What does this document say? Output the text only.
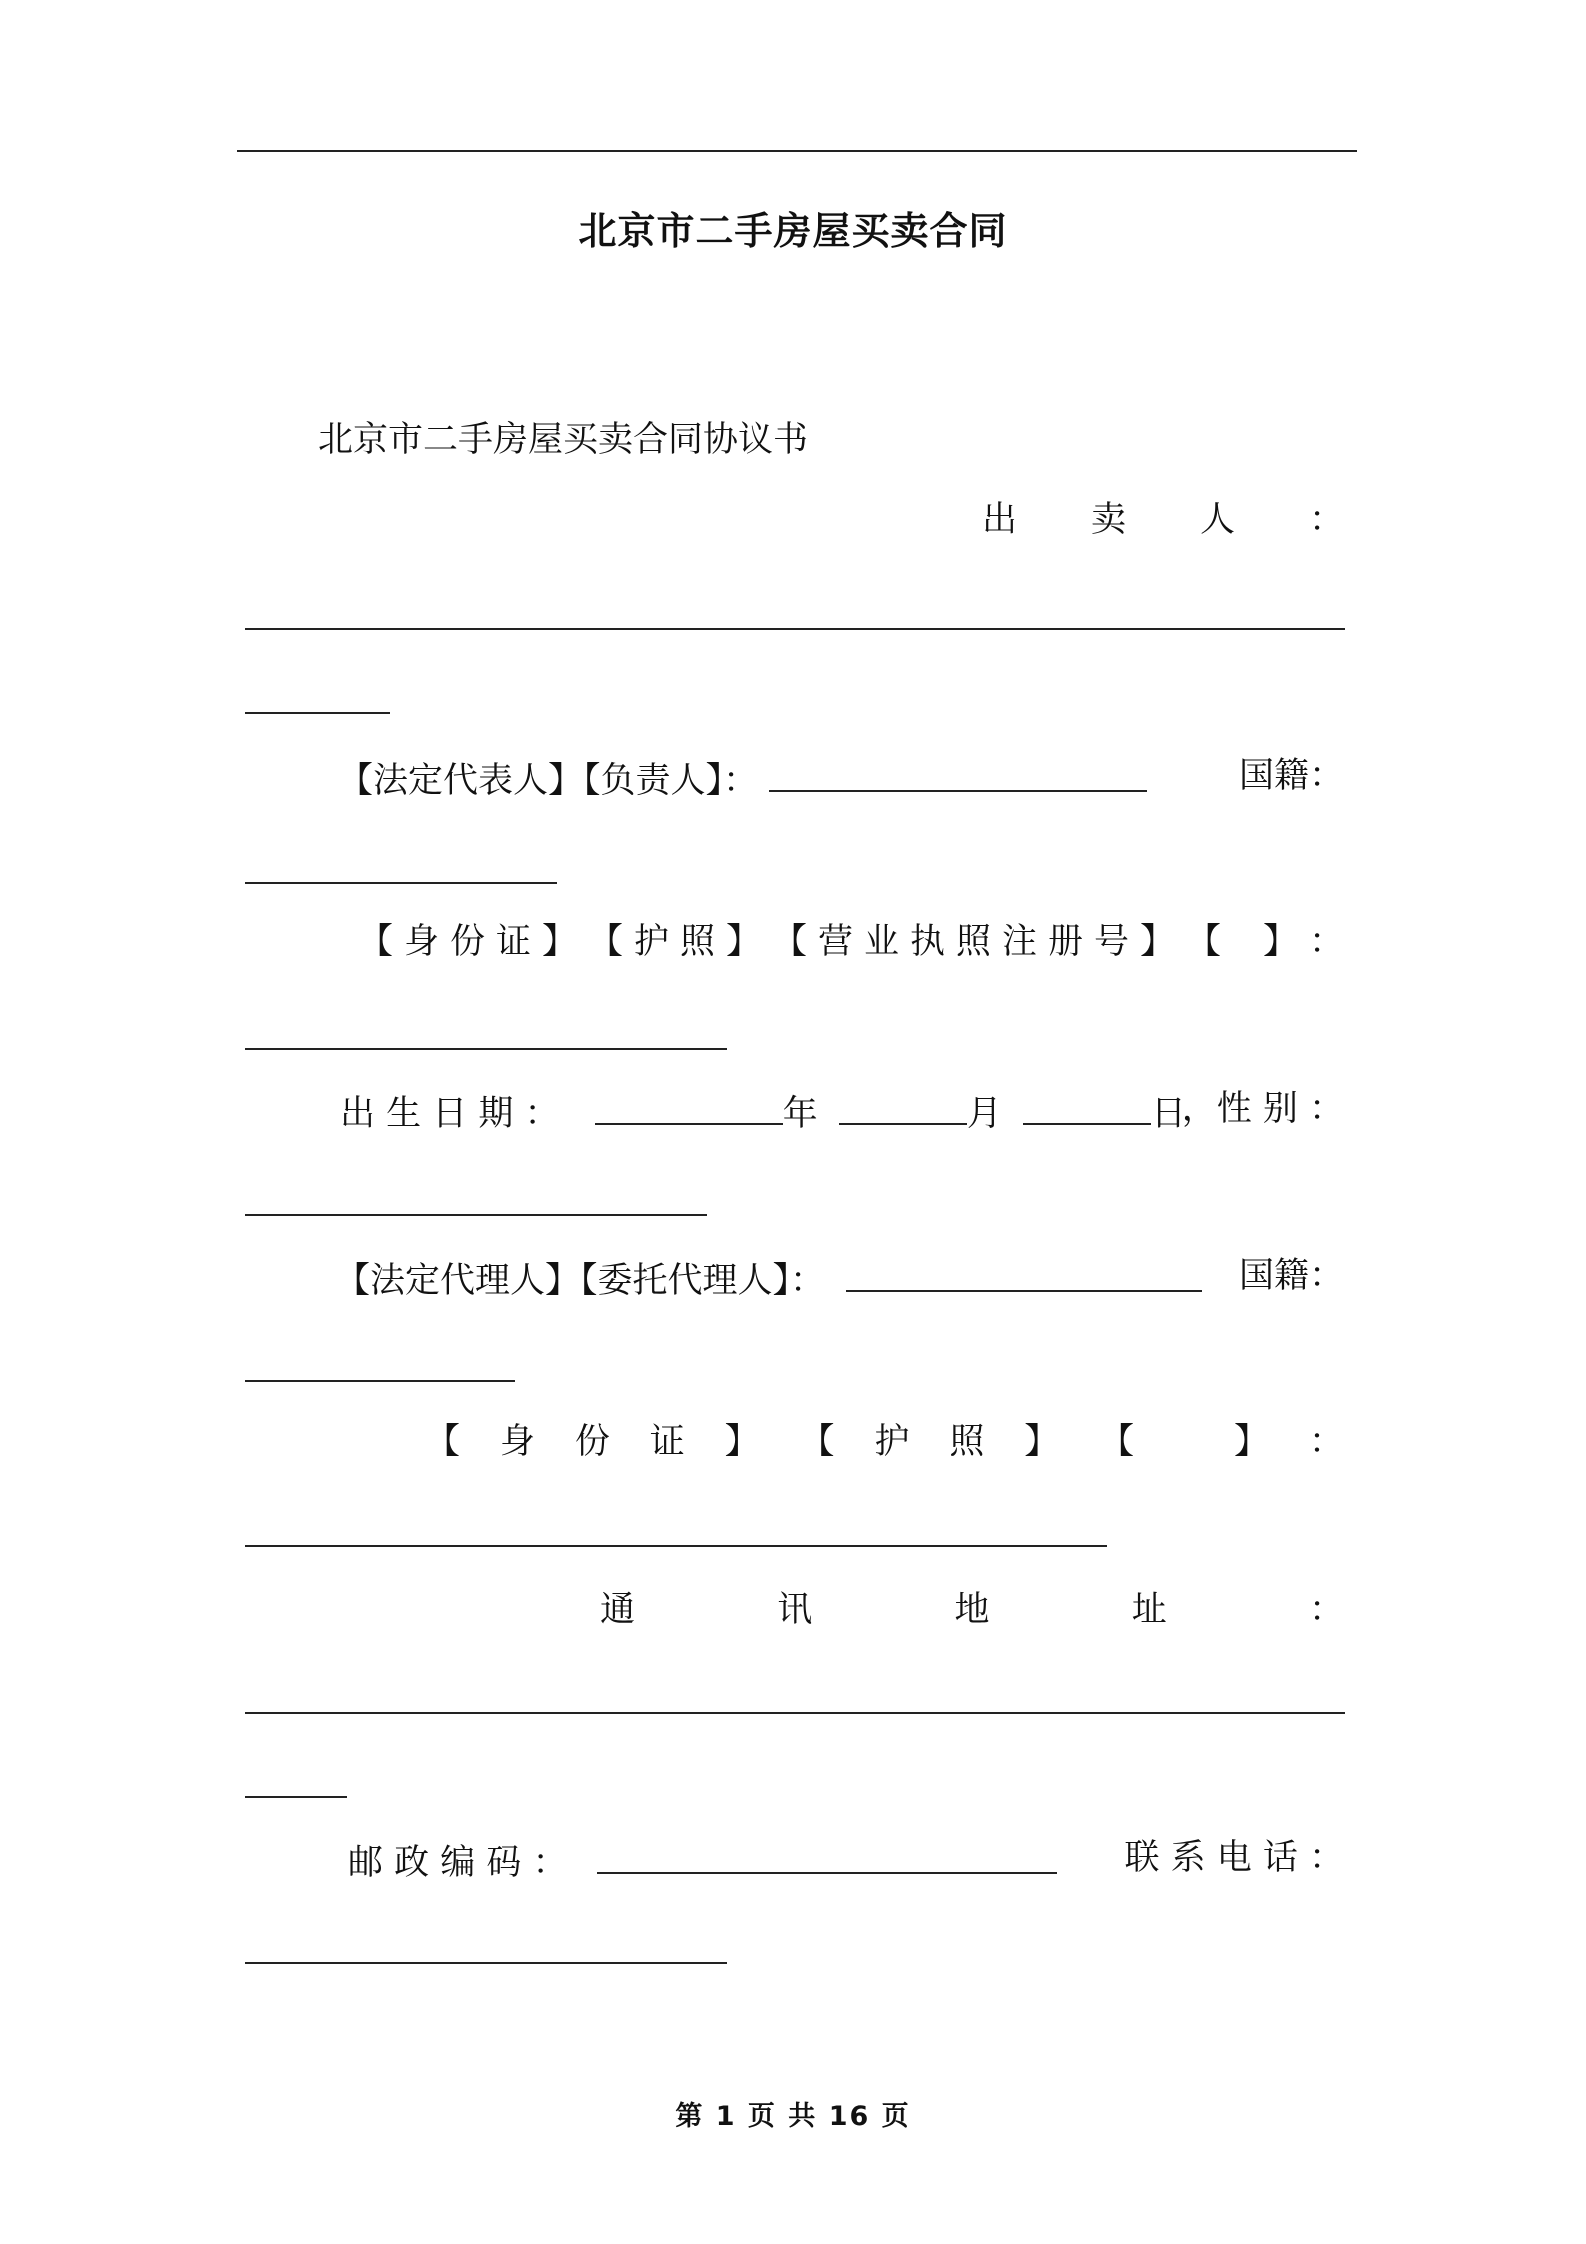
北京市二手房屋买卖合同
北京市二手房屋买卖合同协议书
出 卖 人 ：
【法定代表人】【负责人】：	国籍：
【 身 份 证 】 【 护 照 】 【 营 业 执 照 注 册 号 】 【 】 ：
出 生 日 期 ：	年	月	日
，性 别 ：
【法定代理人】【委托代理人】：	国籍：
【 身 份 证 】 【 护 照 】 【	】 ：
通	讯	地	址	：
邮 政 编 码 ：	联 系 电 话 ：
第 1 页 共 16 页
